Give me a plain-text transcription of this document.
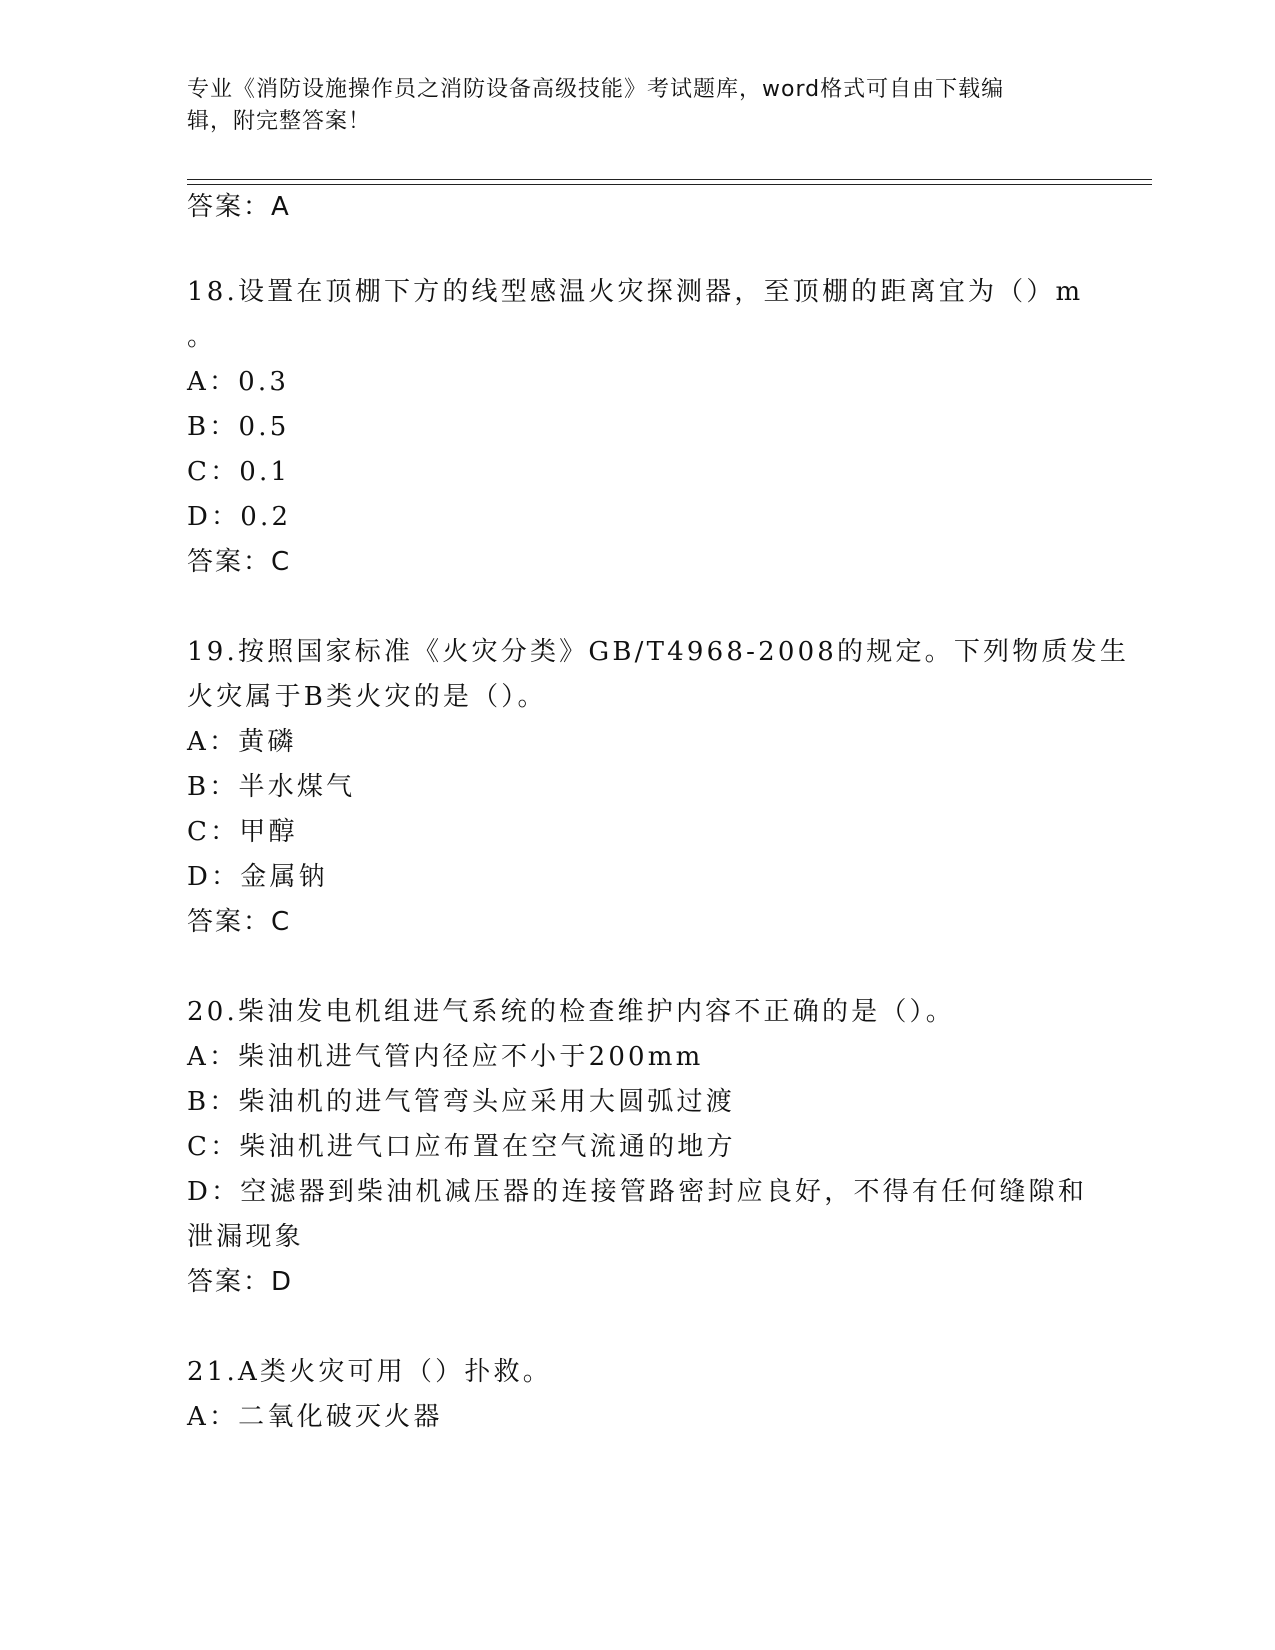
专业《消防设施操作员之消防设备高级技能》考试题库，word格式可自由下载编
辑，附完整答案！
答案：A
18.设置在顶棚下方的线型感温火灾探测器，至顶棚的距离宜为（）m
。
A：0.3
B：0.5
C：0.1
D：0.2
答案：C
19.按照国家标准《火灾分类》GB/T4968-2008的规定。下列物质发生
火灾属于B类火灾的是（）。
A：黄磷
B：半水煤气
C：甲醇
D：金属钠
答案：C
20.柴油发电机组进气系统的检查维护内容不正确的是（）。
A：柴油机进气管内径应不小于200mm
B：柴油机的进气管弯头应采用大圆弧过渡
C：柴油机进气口应布置在空气流通的地方
D：空滤器到柴油机减压器的连接管路密封应良好，不得有任何缝隙和
泄漏现象
答案：D
21.A类火灾可用（）扑救。
A：二氧化破灭火器
